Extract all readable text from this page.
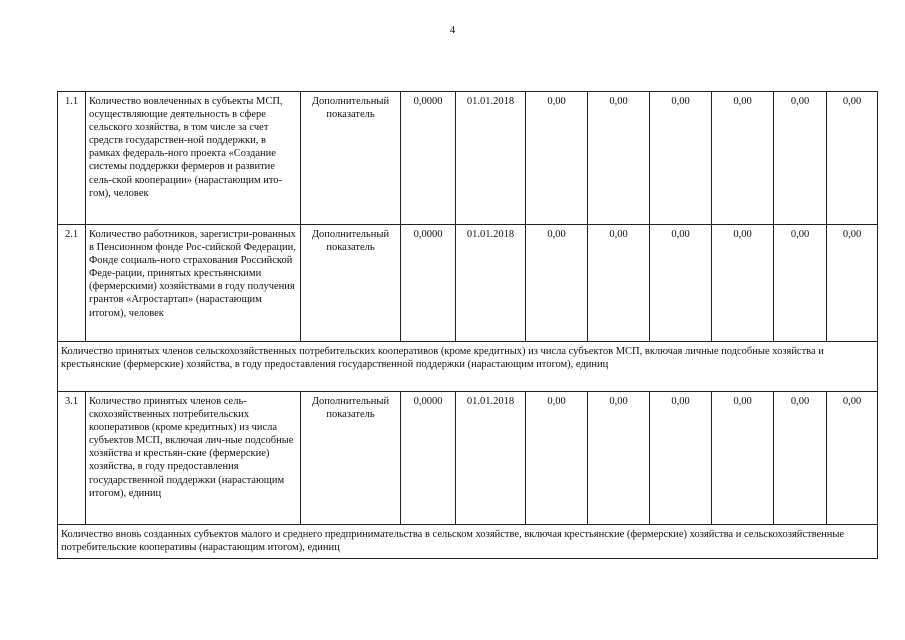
4
1.1	Количество вовлеченных в субъекты МСП, осуществляющие деятельность в сфере сельского хозяйства, в том числе за счет средств государствен-ной поддержки, в рамках федераль-ного проекта «Создание системы поддержки фермеров и развитие сель-ской кооперации» (нарастающим ито-гом), человек	Дополнительный показатель	0,0000	01.01.2018	0,00	0,00	0,00	0,00	0,00	0,00
2.1	Количество работников, зарегистри-рованных в Пенсионном фонде Рос-сийской Федерации, Фонде социаль-ного страхования Российской Феде-рации, принятых крестьянскими (фермерскими) хозяйствами в году получения грантов «Агростартап» (нарастающим итогом), человек	Дополнительный показатель	0,0000	01.01.2018	0,00	0,00	0,00	0,00	0,00	0,00
Количество принятых членов сельскохозяйственных потребительских кооперативов (кроме кредитных) из числа субъектов МСП, включая личные подсобные хозяйства и крестьянские (фермерские) хозяйства, в году предоставления государственной поддержки (нарастающим итогом), единиц										
3.1	Количество принятых членов сель-скохозяйственных потребительских кооперативов (кроме кредитных) из числа субъектов МСП, включая лич-ные подсобные хозяйства и крестьян-ские (фермерские) хозяйства, в году предоставления государственной поддержки (нарастающим итогом), единиц	Дополнительный показатель	0,0000	01.01.2018	0,00	0,00	0,00	0,00	0,00	0,00
Количество вновь созданных субъектов малого и среднего предпринимательства в сельском хозяйстве, включая крестьянские (фермерские) хозяйства и сельскохозяйственные потребительские кооперативы (нарастающим итогом), единиц										
